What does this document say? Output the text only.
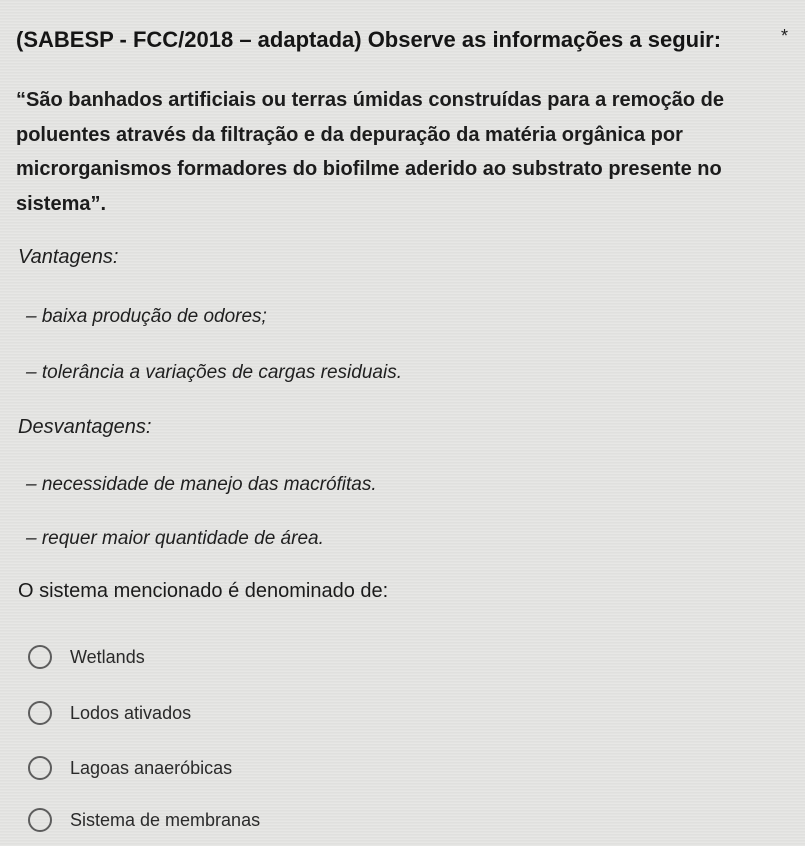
(SABESP - FCC/2018 – adaptada) Observe as informações a seguir:	*

“São banhados artificiais ou terras úmidas construídas para a remoção de poluentes através da filtração e da depuração da matéria orgânica por microrganismos formadores do biofilme aderido ao substrato presente no sistema”.

Vantagens:
– baixa produção de odores;
– tolerância a variações de cargas residuais.
Desvantagens:
– necessidade de manejo das macrófitas.
– requer maior quantidade de área.
O sistema mencionado é denominado de:
Wetlands
Lodos ativados
Lagoas anaeróbicas
Sistema de membranas
